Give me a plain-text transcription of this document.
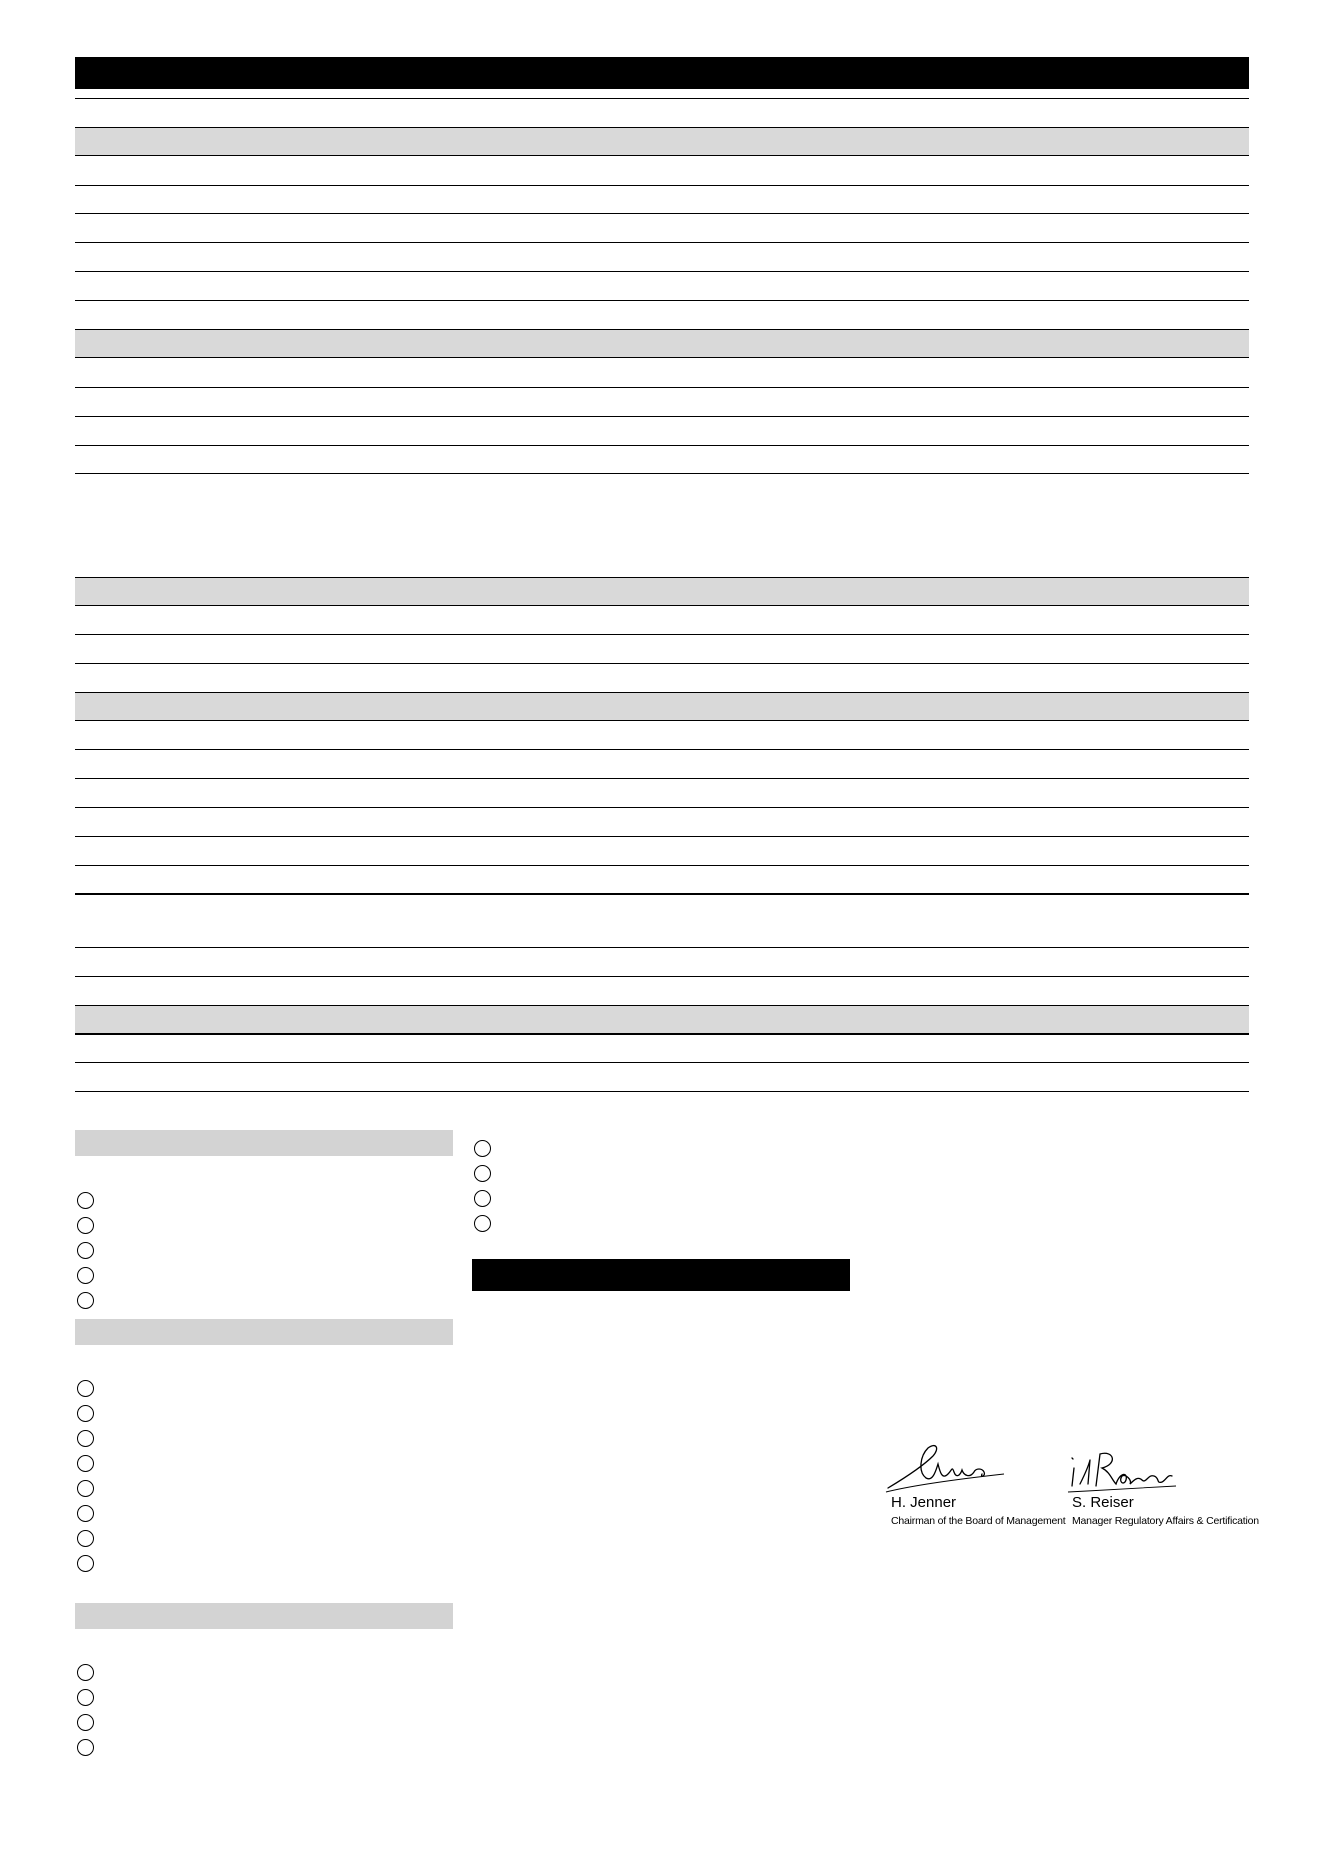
H. Jenner
Chairman of the Board of Management
S. Reiser
Manager Regulatory Affairs & Certification
